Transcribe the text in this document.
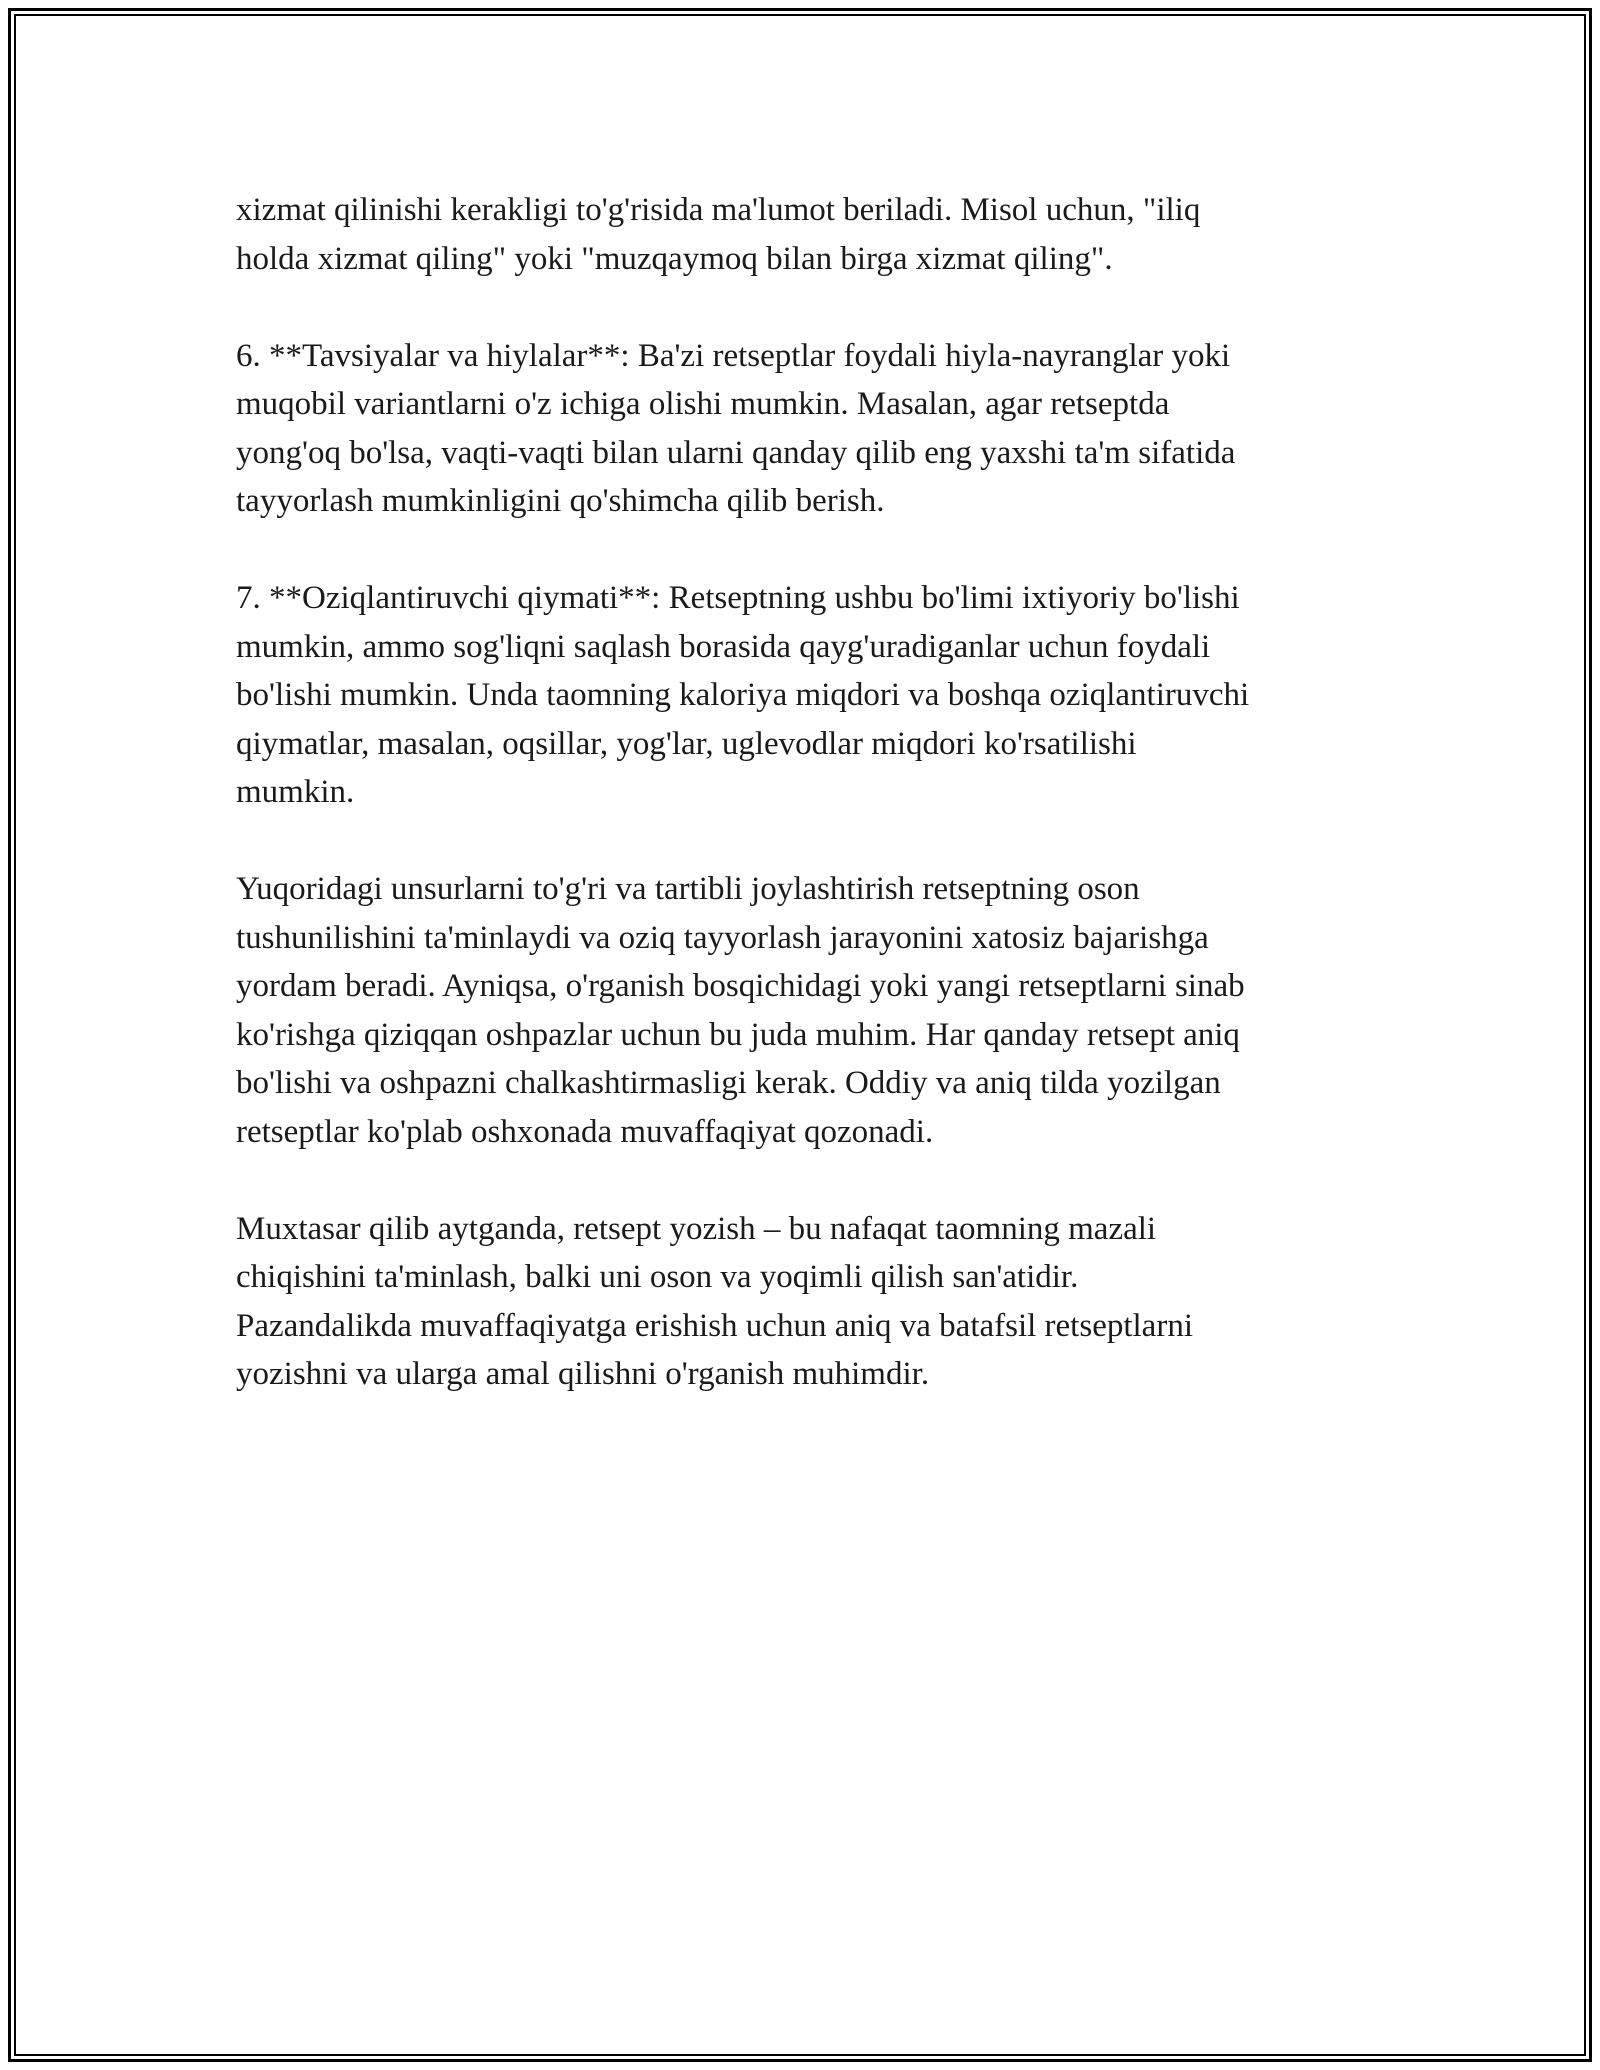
xizmat qilinishi kerakligi to'g'risida ma'lumot beriladi. Misol uchun, "iliq
holda xizmat qiling" yoki "muzqaymoq bilan birga xizmat qiling".

6. **Tavsiyalar va hiylalar**: Ba'zi retseptlar foydali hiyla-nayranglar yoki
muqobil variantlarni o'z ichiga olishi mumkin. Masalan, agar retseptda
yong'oq bo'lsa, vaqti-vaqti bilan ularni qanday qilib eng yaxshi ta'm sifatida
tayyorlash mumkinligini qo'shimcha qilib berish.

7. **Oziqlantiruvchi qiymati**: Retseptning ushbu bo'limi ixtiyoriy bo'lishi
mumkin, ammo sog'liqni saqlash borasida qayg'uradiganlar uchun foydali
bo'lishi mumkin. Unda taomning kaloriya miqdori va boshqa oziqlantiruvchi
qiymatlar, masalan, oqsillar, yog'lar, uglevodlar miqdori ko'rsatilishi
mumkin.

Yuqoridagi unsurlarni to'g'ri va tartibli joylashtirish retseptning oson
tushunilishini ta'minlaydi va oziq tayyorlash jarayonini xatosiz bajarishga
yordam beradi. Ayniqsa, o'rganish bosqichidagi yoki yangi retseptlarni sinab
ko'rishga qiziqqan oshpazlar uchun bu juda muhim. Har qanday retsept aniq
bo'lishi va oshpazni chalkashtirmasligi kerak. Oddiy va aniq tilda yozilgan
retseptlar ko'plab oshxonada muvaffaqiyat qozonadi.

Muxtasar qilib aytganda, retsept yozish – bu nafaqat taomning mazali
chiqishini ta'minlash, balki uni oson va yoqimli qilish san'atidir.
Pazandalikda muvaffaqiyatga erishish uchun aniq va batafsil retseptlarni
yozishni va ularga amal qilishni o'rganish muhimdir.
